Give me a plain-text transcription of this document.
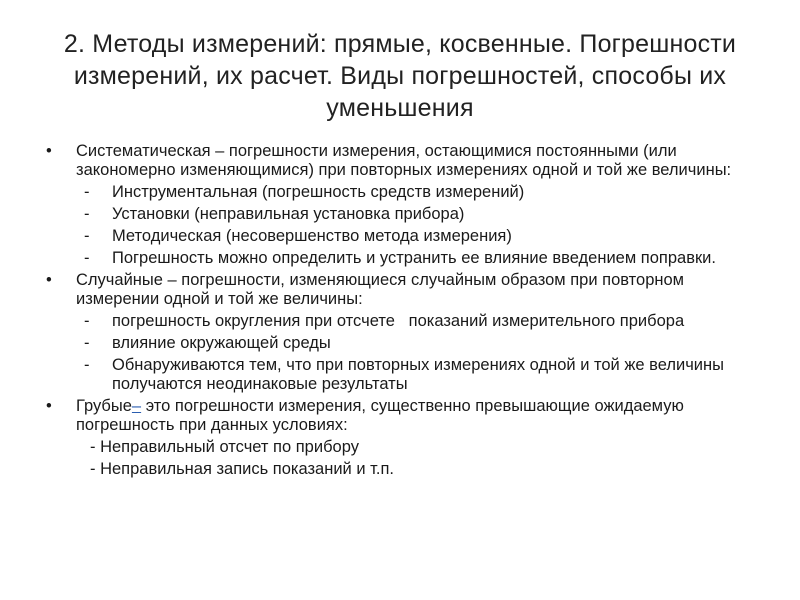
2. Методы измерений: прямые, косвенные. Погрешности измерений, их расчет. Виды погрешностей, способы их уменьшения
• Систематическая – погрешности измерения, остающимися постоянными (или закономерно изменяющимися) при повторных измерениях одной и той же величины:
- Инструментальная (погрешность средств измерений)
- Установки (неправильная установка прибора)
- Методическая (несовершенство метода измерения)
- Погрешность можно определить и устранить ее влияние введением поправки.
• Случайные – погрешности, изменяющиеся случайным образом при повторном измерении одной и той же величины:
- погрешность округления при отсчете   показаний измерительного прибора
- влияние окружающей среды
- Обнаруживаются тем, что при повторных измерениях одной и той же величины получаются неодинаковые результаты
• Грубые– это погрешности измерения, существенно превышающие ожидаемую  погрешность при данных условиях:
- Неправильный отсчет по прибору
- Неправильная запись показаний и т.п.
